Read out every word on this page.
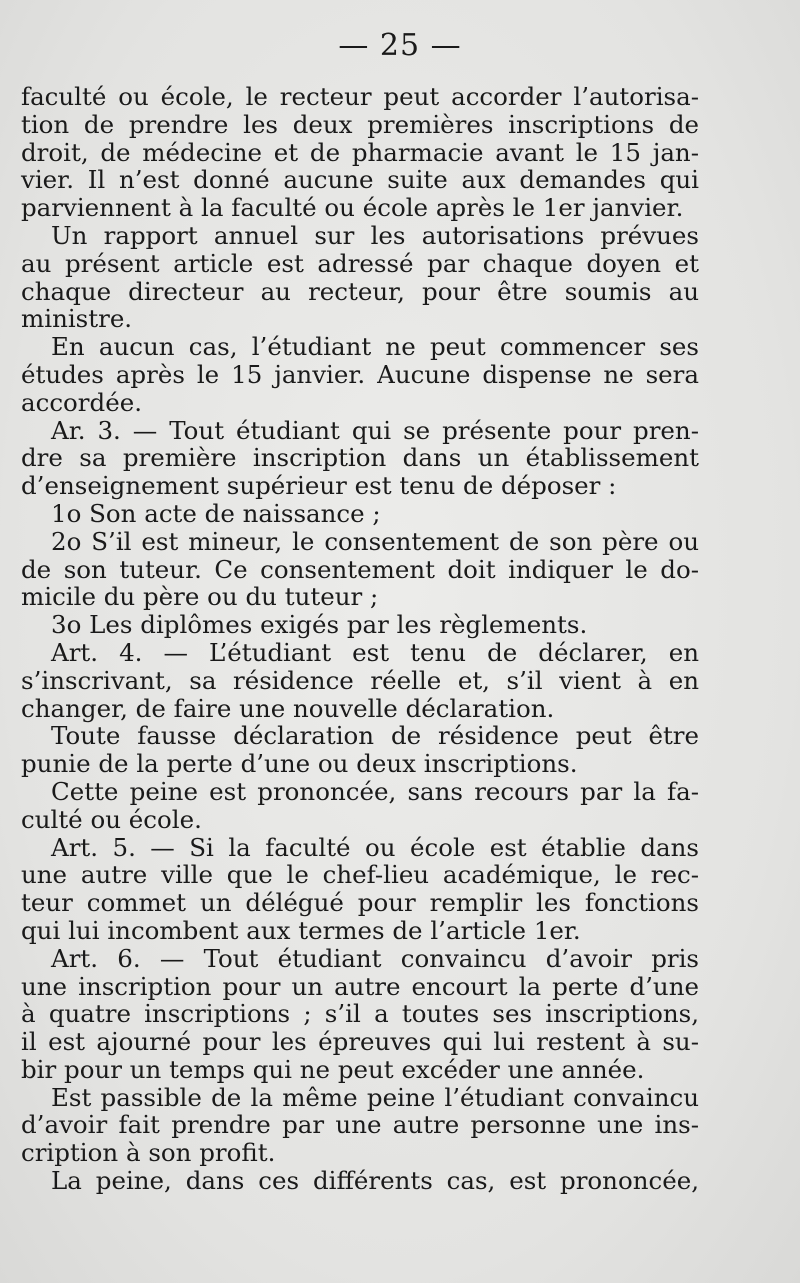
— 25 —
faculté ou école, le recteur peut accorder l’autorisa-
tion de prendre les deux premières inscriptions de
droit, de médecine et de pharmacie avant le 15 jan-
vier. Il n’est donné aucune suite aux demandes qui
parviennent à la faculté ou école après le 1er janvier.
Un rapport annuel sur les autorisations prévues
au présent article est adressé par chaque doyen et
chaque directeur au recteur, pour être soumis au
ministre.
En aucun cas, l’étudiant ne peut commencer ses
études après le 15 janvier. Aucune dispense ne sera
accordée.
Ar. 3. — Tout étudiant qui se présente pour pren-
dre sa première inscription dans un établissement
d’enseignement supérieur est tenu de déposer :
1o Son acte de naissance ;
2o S’il est mineur, le consentement de son père ou
de son tuteur. Ce consentement doit indiquer le do-
micile du père ou du tuteur ;
3o Les diplômes exigés par les règlements.
Art. 4. — L’étudiant est tenu de déclarer, en
s’inscrivant, sa résidence réelle et, s’il vient à en
changer, de faire une nouvelle déclaration.
Toute fausse déclaration de résidence peut être
punie de la perte d’une ou deux inscriptions.
Cette peine est prononcée, sans recours par la fa-
culté ou école.
Art. 5. — Si la faculté ou école est établie dans
une autre ville que le chef-lieu académique, le rec-
teur commet un délégué pour remplir les fonctions
qui lui incombent aux termes de l’article 1er.
Art. 6. — Tout étudiant convaincu d’avoir pris
une inscription pour un autre encourt la perte d’une
à quatre inscriptions ; s’il a toutes ses inscriptions,
il est ajourné pour les épreuves qui lui restent à su-
bir pour un temps qui ne peut excéder une année.
Est passible de la même peine l’étudiant convaincu
d’avoir fait prendre par une autre personne une ins-
cription à son profit.
La peine, dans ces différents cas, est prononcée,
